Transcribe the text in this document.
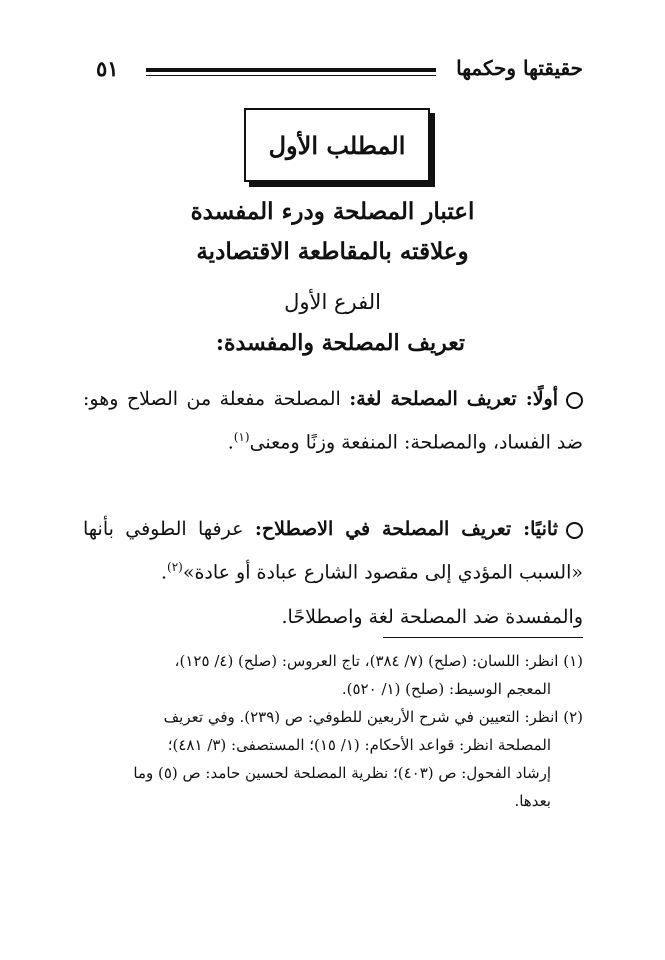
حقيقتها وحكمها
٥١
المطلب الأول
اعتبار المصلحة ودرء المفسدة
وعلاقته بالمقاطعة الاقتصادية
الفرع الأول
تعريف المصلحة والمفسدة:
أولًا: تعريف المصلحة لغة: المصلحة مفعلة من الصلاح وهو: ضد الفساد، والمصلحة: المنفعة وزنًا ومعنى$^{(١)}$.
ثانيًا: تعريف المصلحة في الاصطلاح: عرفها الطوفي بأنها «السبب المؤدي إلى مقصود الشارع عبادة أو عادة»$^{(٢)}$.
والمفسدة ضد المصلحة لغة واصطلاحًا.
(١) انظر: اللسان: (صلح) (٧/ ٣٨٤)، تاج العروس: (صلح) (٤/ ١٢٥)،
المعجم الوسيط: (صلح) (١/ ٥٢٠).
(٢) انظر: التعيين في شرح الأربعين للطوفي: ص (٢٣٩). وفي تعريف
المصلحة انظر: قواعد الأحكام: (١/ ١٥)؛ المستصفى: (٣/ ٤٨١)؛
إرشاد الفحول: ص (٤٠٣)؛ نظرية المصلحة لحسين حامد: ص (٥) وما
بعدها.
